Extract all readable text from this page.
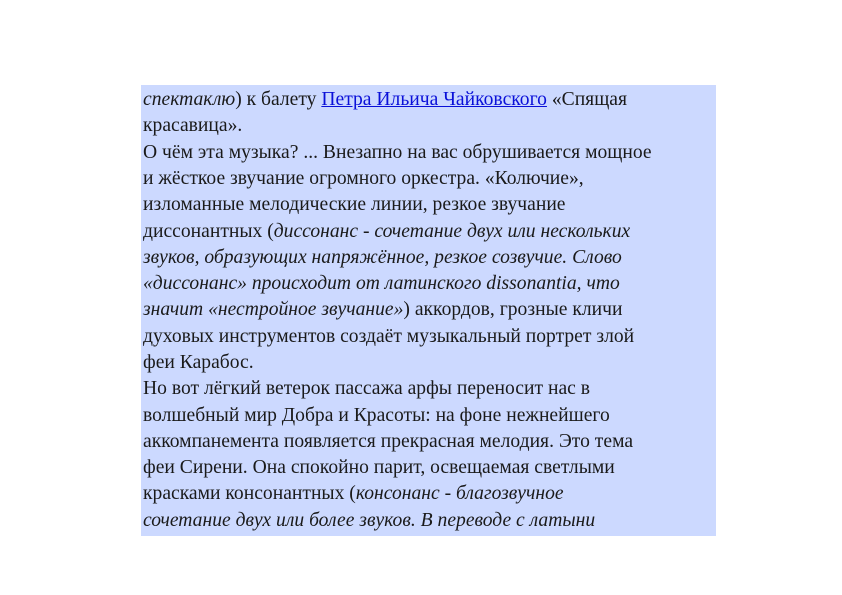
спектаклю) к балету Петра Ильича Чайковского «Спящая
красавица».
О чём эта музыка? ... Внезапно на вас обрушивается мощное
и жёсткое звучание огромного оркестра. «Колючие»,
изломанные мелодические линии, резкое звучание
диссонантных (диссонанс - сочетание двух или нескольких
звуков, образующих напряжённое, резкое созвучие. Слово
«диссонанс» происходит от латинского dissonantia, что
значит «нестройное звучание») аккордов, грозные кличи
духовых инструментов создаёт музыкальный портрет злой
феи Карабос.
Но вот лёгкий ветерок пассажа арфы переносит нас в
волшебный мир Добра и Красоты: на фоне нежнейшего
аккомпанемента появляется прекрасная мелодия. Это тема
феи Сирени. Она спокойно парит, освещаемая светлыми
красками консонантных (консонанс - благозвучное
сочетание двух или более звуков. В переводе с латыни
